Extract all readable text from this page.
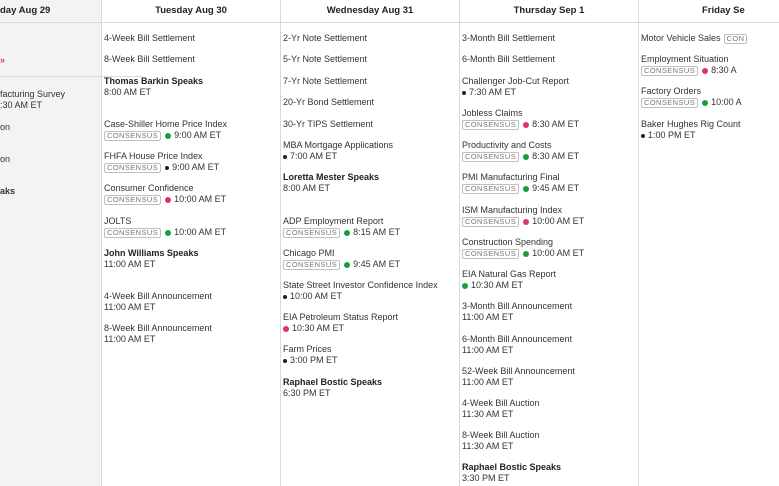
day Aug 29
»
facturing Survey
:30 AM ET
on
on
aks
Tuesday Aug 30
4-Week Bill Settlement
8-Week Bill Settlement
Thomas Barkin Speaks
8:00 AM ET
Case-Shiller Home Price Index
CONSENSUS	9:00 AM ET
FHFA House Price Index
CONSENSUS	9:00 AM ET
Consumer Confidence
CONSENSUS	10:00 AM ET
JOLTS
CONSENSUS	10:00 AM ET
John Williams Speaks
11:00 AM ET
4-Week Bill Announcement
11:00 AM ET
8-Week Bill Announcement
11:00 AM ET
Wednesday Aug 31
2-Yr Note Settlement
5-Yr Note Settlement
7-Yr Note Settlement
20-Yr Bond Settlement
30-Yr TIPS Settlement
MBA Mortgage Applications
7:00 AM ET
Loretta Mester Speaks
8:00 AM ET
ADP Employment Report
CONSENSUS	8:15 AM ET
Chicago PMI
CONSENSUS	9:45 AM ET
State Street Investor Confidence Index
10:00 AM ET
EIA Petroleum Status Report
10:30 AM ET
Farm Prices
3:00 PM ET
Raphael Bostic Speaks
6:30 PM ET
Thursday Sep 1
3-Month Bill Settlement
6-Month Bill Settlement
Challenger Job-Cut Report
7:30 AM ET
Jobless Claims
CONSENSUS	8:30 AM ET
Productivity and Costs
CONSENSUS	8:30 AM ET
PMI Manufacturing Final
CONSENSUS	9:45 AM ET
ISM Manufacturing Index
CONSENSUS	10:00 AM ET
Construction Spending
CONSENSUS	10:00 AM ET
EIA Natural Gas Report
10:30 AM ET
3-Month Bill Announcement
11:00 AM ET
6-Month Bill Announcement
11:00 AM ET
52-Week Bill Announcement
11:00 AM ET
4-Week Bill Auction
11:30 AM ET
8-Week Bill Auction
11:30 AM ET
Raphael Bostic Speaks
3:30 PM ET
Friday Se
Motor Vehicle Sales CON
Employment Situation
CONSENSUS	8:30 A
Factory Orders
CONSENSUS	10:00 A
Baker Hughes Rig Count
1:00 PM ET
